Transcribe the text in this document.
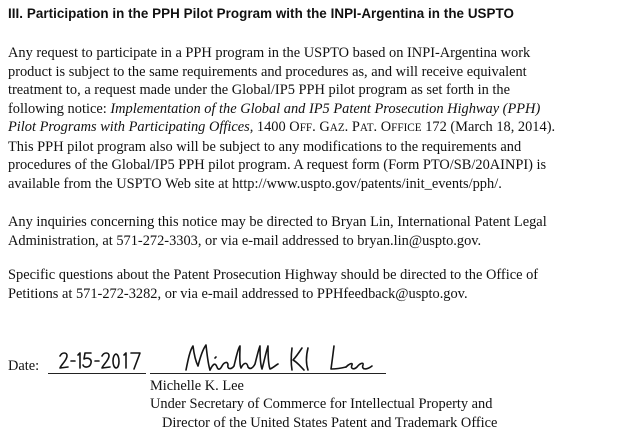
III. Participation in the PPH Pilot Program with the INPI-Argentina in the USPTO
Any request to participate in a PPH program in the USPTO based on INPI-Argentina work
product is subject to the same requirements and procedures as, and will receive equivalent
treatment to, a request made under the Global/IP5 PPH pilot program as set forth in the
following notice: Implementation of the Global and IP5 Patent Prosecution Highway (PPH)
Pilot Programs with Participating Offices, 1400 OFF. GAZ. PAT. OFFICE 172 (March 18, 2014).
This PPH pilot program also will be subject to any modifications to the requirements and
procedures of the Global/IP5 PPH pilot program. A request form (Form PTO/SB/20AINPI) is
available from the USPTO Web site at http://www.uspto.gov/patents/init_events/pph/.
Any inquiries concerning this notice may be directed to Bryan Lin, International Patent Legal
Administration, at 571-272-3303, or via e-mail addressed to bryan.lin@uspto.gov.
Specific questions about the Patent Prosecution Highway should be directed to the Office of
Petitions at 571-272-3282, or via e-mail addressed to PPHfeedback@uspto.gov.
Date:
Michelle K. Lee
Under Secretary of Commerce for Intellectual Property and
Director of the United States Patent and Trademark Office
